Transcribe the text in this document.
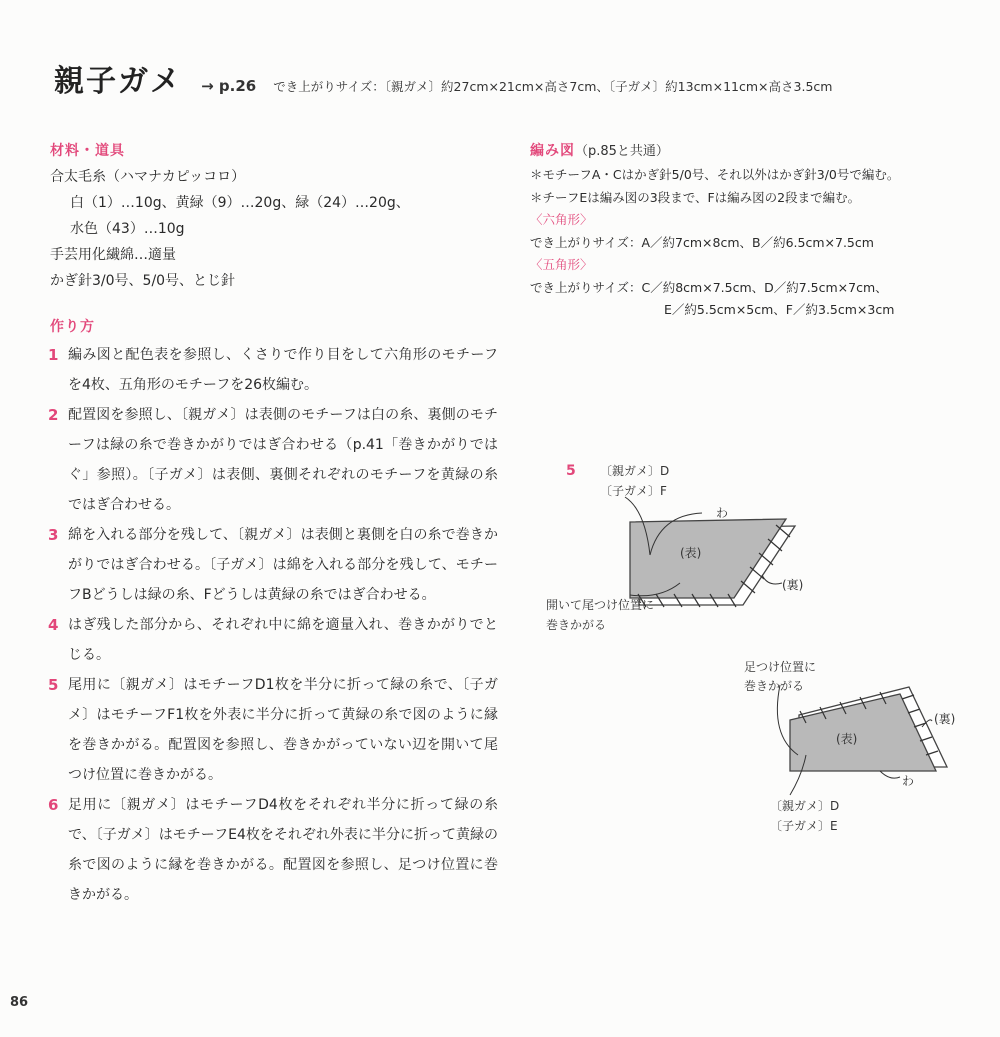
親子ガメ → p.26 でき上がりサイズ：〔親ガメ〕約27cm×21cm×高さ7cm、〔子ガメ〕約13cm×11cm×高さ3.5cm
材料・道具
合太毛糸（ハマナカピッコロ）
白（1）…10g、黄緑（9）…20g、緑（24）…20g、
水色（43）…10g
手芸用化繊綿…適量
かぎ針3/0号、5/0号、とじ針
作り方
1 編み図と配色表を参照し、くさりで作り目をして六角形のモチーフを4枚、五角形のモチーフを26枚編む。
2 配置図を参照し、〔親ガメ〕は表側のモチーフは白の糸、裏側のモチーフは緑の糸で巻きかがりではぎ合わせる（p.41「巻きかがりではぐ」参照）。〔子ガメ〕は表側、裏側それぞれのモチーフを黄緑の糸ではぎ合わせる。
3 綿を入れる部分を残して、〔親ガメ〕は表側と裏側を白の糸で巻きかがりではぎ合わせる。〔子ガメ〕は綿を入れる部分を残して、モチーフBどうしは緑の糸、Fどうしは黄緑の糸ではぎ合わせる。
4 はぎ残した部分から、それぞれ中に綿を適量入れ、巻きかがりでとじる。
5 尾用に〔親ガメ〕はモチーフD1枚を半分に折って緑の糸で、〔子ガメ〕はモチーフF1枚を外表に半分に折って黄緑の糸で図のように縁を巻きかがる。配置図を参照し、巻きかがっていない辺を開いて尾つけ位置に巻きかがる。
6 足用に〔親ガメ〕はモチーフD4枚をそれぞれ半分に折って緑の糸で、〔子ガメ〕はモチーフE4枚をそれぞれ外表に半分に折って黄緑の糸で図のように縁を巻きかがる。配置図を参照し、足つけ位置に巻きかがる。
編み図（p.85と共通）
＊モチーフA・Cはかぎ針5/0号、それ以外はかぎ針3/0号で編む。
＊チーフEは編み図の3段まで、Fは編み図の2段まで編む。
〈六角形〉
でき上がりサイズ：A／約7cm×8cm、B／約6.5cm×7.5cm
〈五角形〉
でき上がりサイズ：C／約8cm×7.5cm、D／約7.5cm×7cm、
E／約5.5cm×5cm、F／約3.5cm×3cm
5 〔親ガメ〕D
〔子ガメ〕F
わ
(表)
(裏)
開いて尾つけ位置に
巻きかがる
足つけ位置に
巻きかがる
(表)
(裏)
わ
〔親ガメ〕D
〔子ガメ〕E
86
